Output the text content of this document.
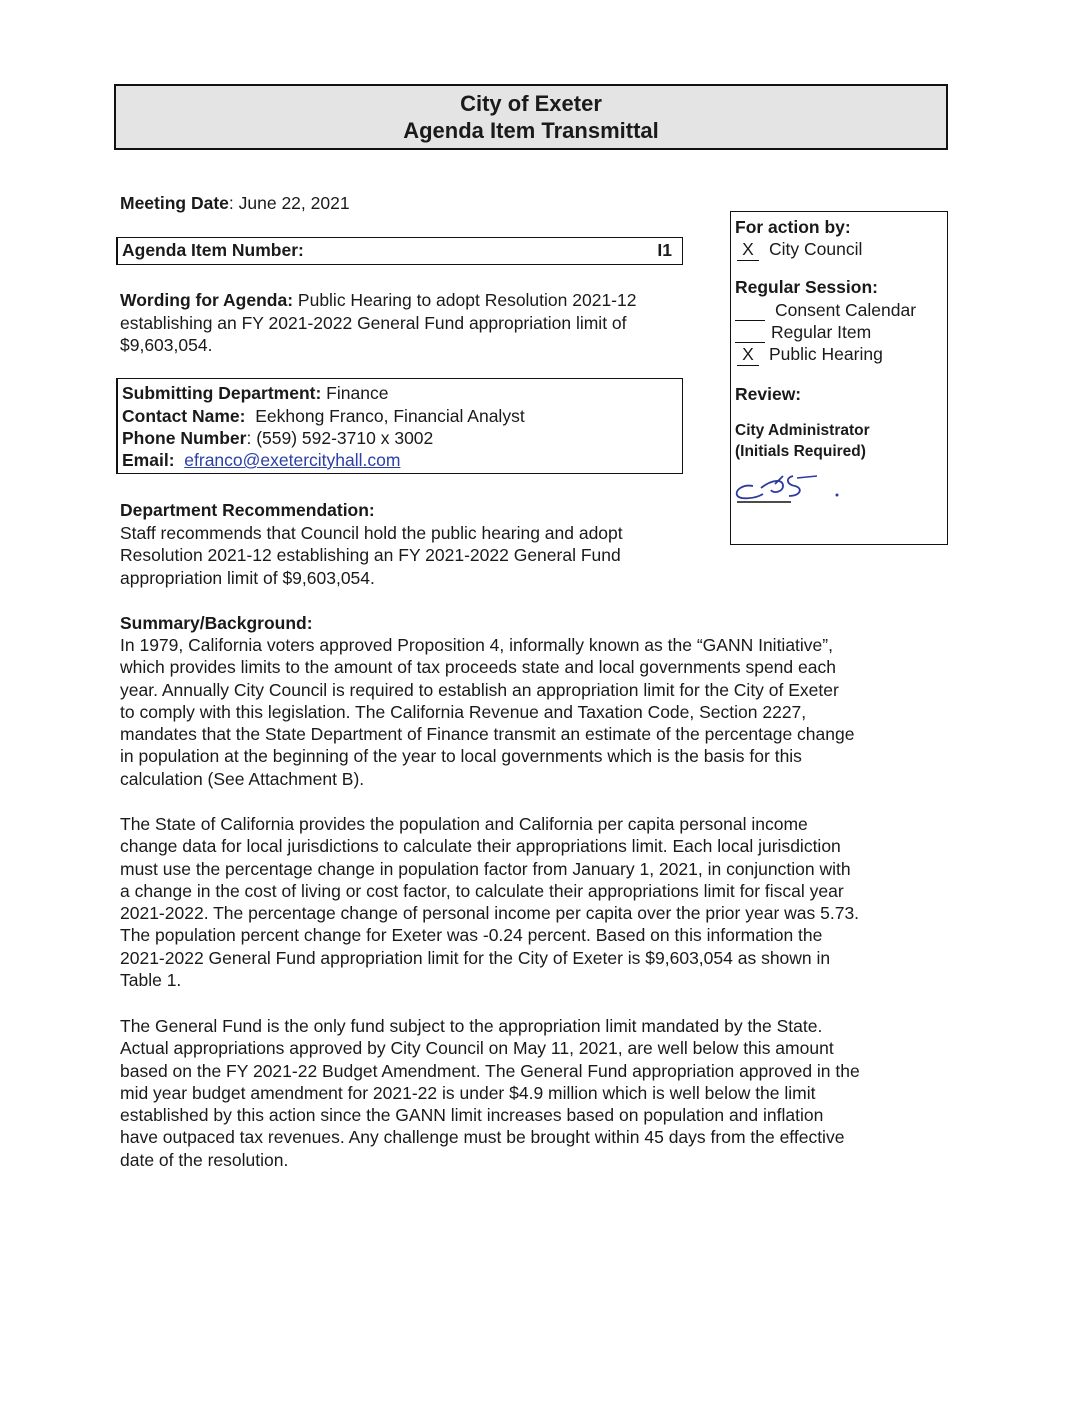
City of Exeter
Agenda Item Transmittal
Meeting Date: June 22, 2021
Agenda Item Number:	I1
Wording for Agenda: Public Hearing to adopt Resolution 2021-12
establishing an FY 2021-2022 General Fund appropriation limit of
$9,603,054.
Submitting Department: Finance
Contact Name:  Eekhong Franco, Financial Analyst
Phone Number: (559) 592-3710 x 3002
Email: efranco@exetercityhall.com
For action by:
X City Council
Regular Session:
Consent Calendar
Regular Item
X Public Hearing
Review:
City Administrator
(Initials Required)
Department Recommendation:
Staff recommends that Council hold the public hearing and adopt
Resolution 2021-12 establishing an FY 2021-2022 General Fund
appropriation limit of $9,603,054.
Summary/Background:
In 1979, California voters approved Proposition 4, informally known as the “GANN Initiative”,
which provides limits to the amount of tax proceeds state and local governments spend each
year. Annually City Council is required to establish an appropriation limit for the City of Exeter
to comply with this legislation. The California Revenue and Taxation Code, Section 2227,
mandates that the State Department of Finance transmit an estimate of the percentage change
in population at the beginning of the year to local governments which is the basis for this
calculation (See Attachment B).
The State of California provides the population and California per capita personal income
change data for local jurisdictions to calculate their appropriations limit. Each local jurisdiction
must use the percentage change in population factor from January 1, 2021, in conjunction with
a change in the cost of living or cost factor, to calculate their appropriations limit for fiscal year
2021-2022. The percentage change of personal income per capita over the prior year was 5.73.
The population percent change for Exeter was -0.24 percent. Based on this information the
2021-2022 General Fund appropriation limit for the City of Exeter is $9,603,054 as shown in
Table 1.
The General Fund is the only fund subject to the appropriation limit mandated by the State.
Actual appropriations approved by City Council on May 11, 2021, are well below this amount
based on the FY 2021-22 Budget Amendment. The General Fund appropriation approved in the
mid year budget amendment for 2021-22 is under $4.9 million which is well below the limit
established by this action since the GANN limit increases based on population and inflation
have outpaced tax revenues. Any challenge must be brought within 45 days from the effective
date of the resolution.
